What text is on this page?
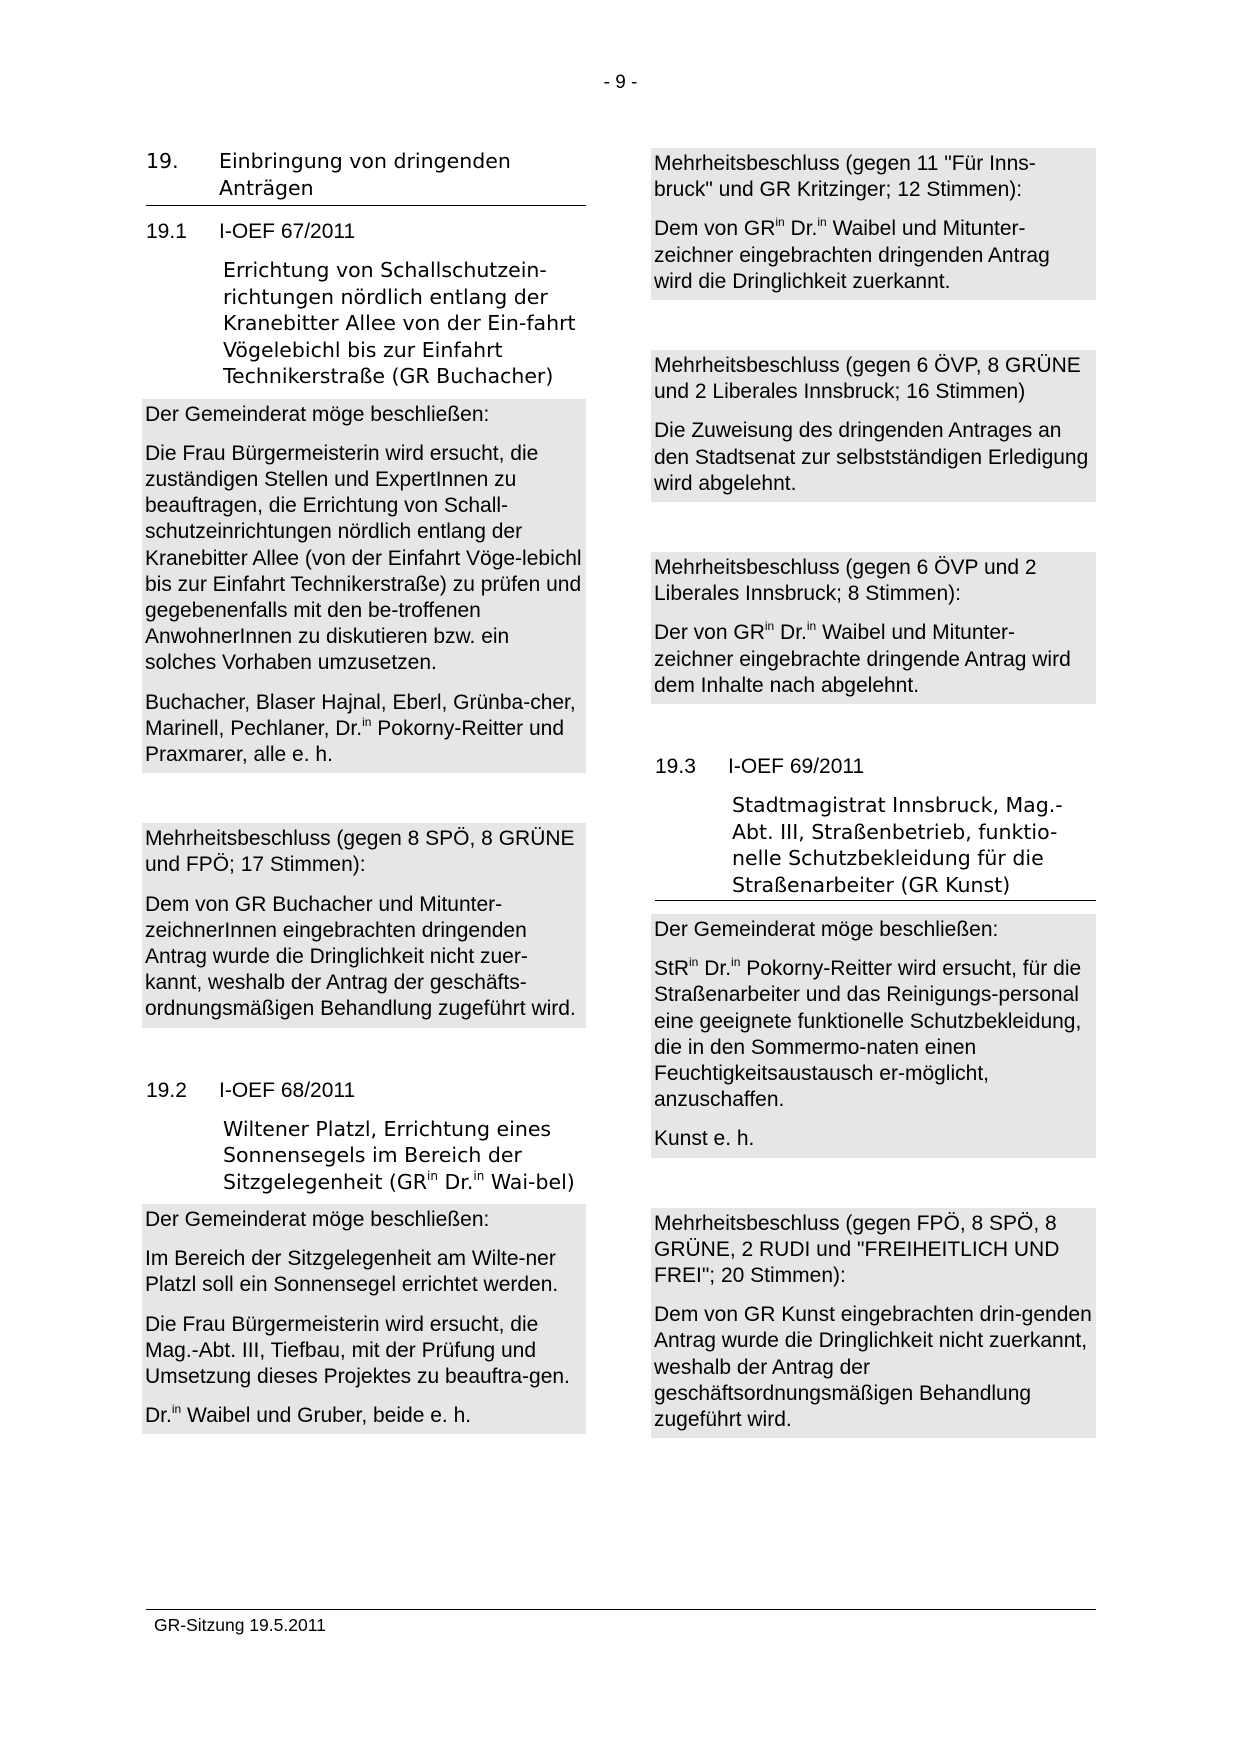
- 9 -
19.	Einbringung von dringenden Anträgen
19.1	I-OEF 67/2011
Errichtung von Schallschutzein-richtungen nördlich entlang der Kranebitter Allee von der Ein-fahrt Vögelebichl bis zur Einfahrt Technikerstraße (GR Buchacher)

Der Gemeinderat möge beschließen:

Die Frau Bürgermeisterin wird ersucht, die zuständigen Stellen und ExpertInnen zu beauftragen, die Errichtung von Schall-schutzeinrichtungen nördlich entlang der Kranebitter Allee (von der Einfahrt Vöge-lebichl bis zur Einfahrt Technikerstraße) zu prüfen und gegebenenfalls mit den be-troffenen AnwohnerInnen zu diskutieren bzw. ein solches Vorhaben umzusetzen.

Buchacher, Blaser Hajnal, Eberl, Grünba-cher, Marinell, Pechlaner, Dr.$^{in}$ Pokorny-Reitter und Praxmarer, alle e. h.

Mehrheitsbeschluss (gegen 8 SPÖ, 8 GRÜNE und FPÖ; 17 Stimmen):

Dem von GR Buchacher und Mitunter-zeichnerInnen eingebrachten dringenden Antrag wurde die Dringlichkeit nicht zuer-kannt, weshalb der Antrag der geschäfts-ordnungsmäßigen Behandlung zugeführt wird.

19.2	I-OEF 68/2011
Wiltener Platzl, Errichtung eines Sonnensegels im Bereich der Sitzgelegenheit ($GR^{in}$ Dr.$^{in}$ Wai-bel)

Der Gemeinderat möge beschließen:

Im Bereich der Sitzgelegenheit am Wilte-ner Platzl soll ein Sonnensegel errichtet werden.

Die Frau Bürgermeisterin wird ersucht, die Mag.-Abt. III, Tiefbau, mit der Prüfung und Umsetzung dieses Projektes zu beauftra-gen.

Dr.$^{in}$ Waibel und Gruber, beide e. h.

Mehrheitsbeschluss (gegen 11 "Für Inns-bruck" und GR Kritzinger; 12 Stimmen):

Dem von $GR^{in}$ Dr.$^{in}$ Waibel und Mitunter-zeichner eingebrachten dringenden Antrag wird die Dringlichkeit zuerkannt.

Mehrheitsbeschluss (gegen 6 ÖVP, 8 GRÜNE und 2 Liberales Innsbruck; 16 Stimmen)

Die Zuweisung des dringenden Antrages an den Stadtsenat zur selbstständigen Erledigung wird abgelehnt.

Mehrheitsbeschluss (gegen 6 ÖVP und 2 Liberales Innsbruck; 8 Stimmen):

Der von $GR^{in}$ Dr.$^{in}$ Waibel und Mitunter-zeichner eingebrachte dringende Antrag wird dem Inhalte nach abgelehnt.

19.3	I-OEF 69/2011
Stadtmagistrat Innsbruck, Mag.-Abt. III, Straßenbetrieb, funktio-nelle Schutzbekleidung für die Straßenarbeiter (GR Kunst)

Der Gemeinderat möge beschließen:

StR$^{in}$ Dr.$^{in}$ Pokorny-Reitter wird ersucht, für die Straßenarbeiter und das Reinigungs-personal eine geeignete funktionelle Schutzbekleidung, die in den Sommermo-naten einen Feuchtigkeitsaustausch er-möglicht, anzuschaffen.

Kunst e. h.

Mehrheitsbeschluss (gegen FPÖ, 8 SPÖ, 8 GRÜNE, 2 RUDI und "FREIHEITLICH UND FREI"; 20 Stimmen):

Dem von GR Kunst eingebrachten drin-genden Antrag wurde die Dringlichkeit nicht zuerkannt, weshalb der Antrag der geschäftsordnungsmäßigen Behandlung zugeführt wird.

GR-Sitzung 19.5.2011
